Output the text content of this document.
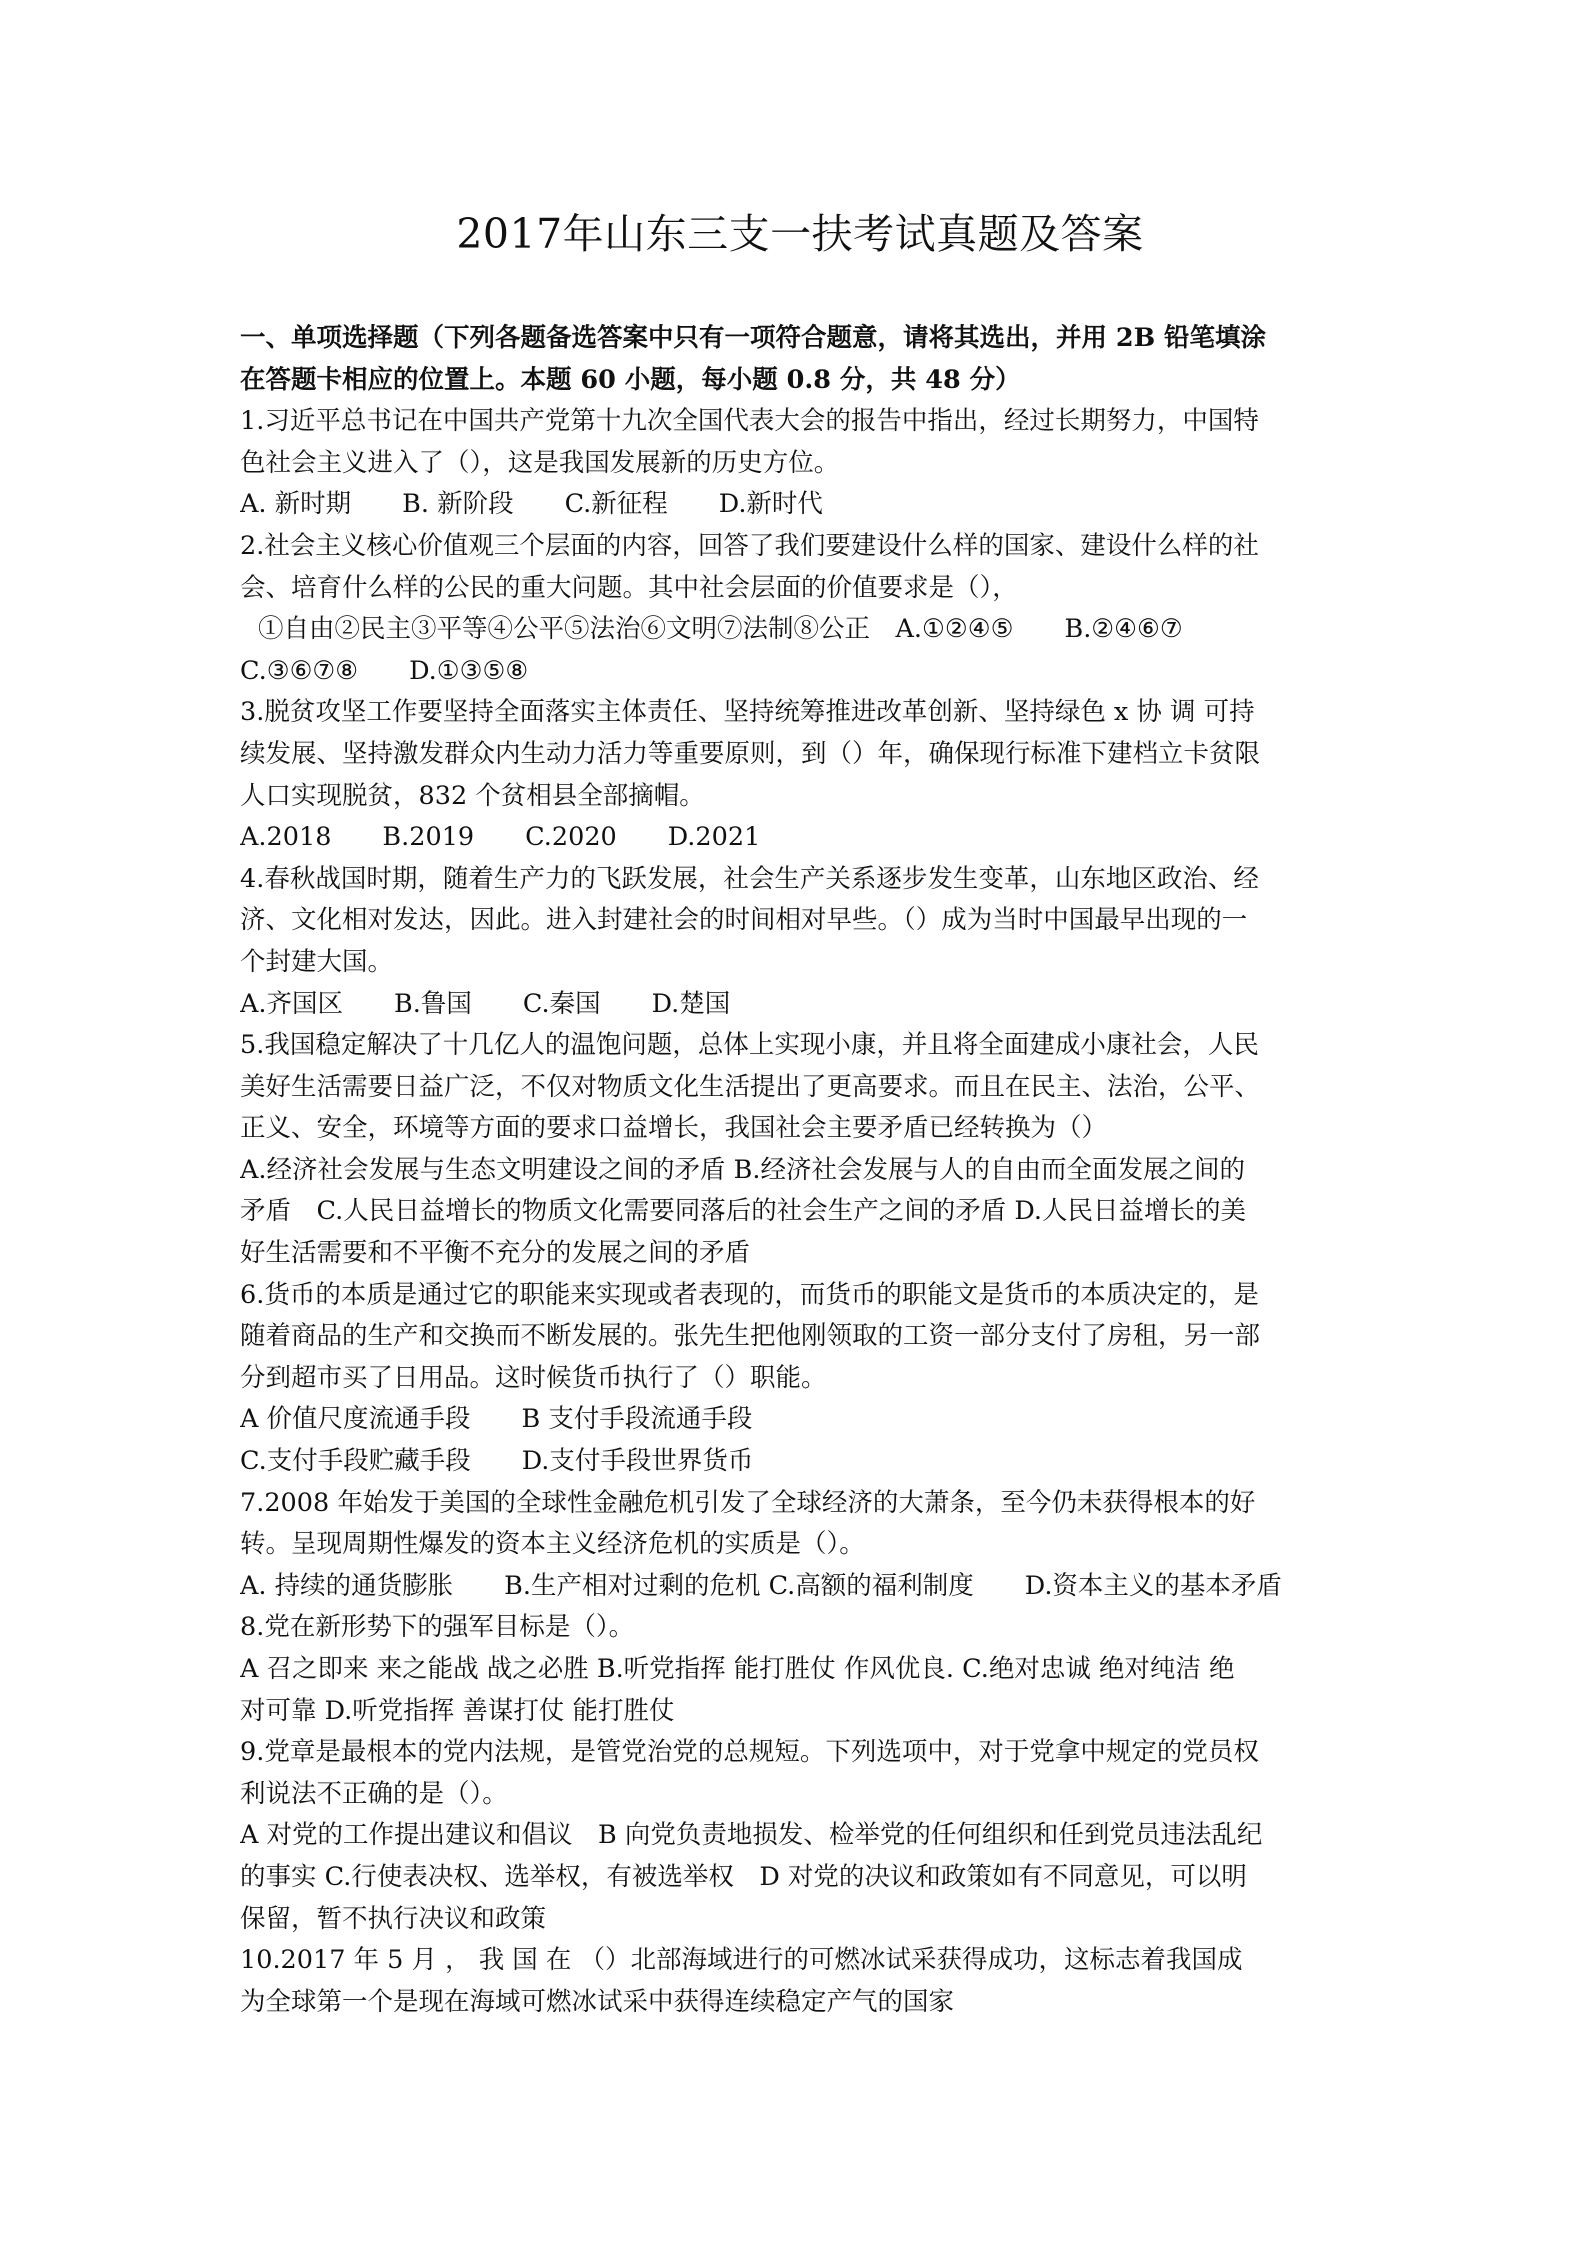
2017年山东三支一扶考试真题及答案
一、单项选择题（下列各题备选答案中只有一项符合题意，请将其选出，并用 2B 铅笔填涂
在答题卡相应的位置上。本题 60 小题，每小题 0.8 分，共 48 分）
1.习近平总书记在中国共产党第十九次全国代表大会的报告中指出，经过长期努力，中国特
色社会主义进入了（），这是我国发展新的历史方位。
A. 新时期　　B. 新阶段　　C.新征程　　D.新时代
2.社会主义核心价值观三个层面的内容，回答了我们要建设什么样的国家、建设什么样的社
会、培育什么样的公民的重大问题。其中社会层面的价值要求是（），
①自由②民主③平等④公平⑤法治⑥文明⑦法制⑧公正　A.①②④⑤　　B.②④⑥⑦
C.③⑥⑦⑧　　D.①③⑤⑧
3.脱贫攻坚工作要坚持全面落实主体责任、坚持统筹推进改革创新、坚持绿色 x 协 调 可持
续发展、坚持激发群众内生动力活力等重要原则，到（）年，确保现行标准下建档立卡贫限
人口实现脱贫，832 个贫相县全部摘帽。
A.2018　　B.2019　　C.2020　　D.2021
4.春秋战国时期，随着生产力的飞跃发展，社会生产关系逐步发生变革，山东地区政治、经
济、文化相对发达，因此。进入封建社会的时间相对早些。（）成为当时中国最早出现的一
个封建大国。
A.齐国区　　B.鲁国　　C.秦国　　D.楚国
5.我国稳定解决了十几亿人的温饱问题，总体上实现小康，并且将全面建成小康社会，人民
美好生活需要日益广泛，不仅对物质文化生活提出了更高要求。而且在民主、法治，公平、
正义、安全，环境等方面的要求口益增长，我国社会主要矛盾已经转换为（）
A.经济社会发展与生态文明建设之间的矛盾 B.经济社会发展与人的自由而全面发展之间的
矛盾　C.人民日益增长的物质文化需要同落后的社会生产之间的矛盾 D.人民日益增长的美
好生活需要和不平衡不充分的发展之间的矛盾
6.货币的本质是通过它的职能来实现或者表现的，而货币的职能文是货币的本质决定的，是
随着商品的生产和交换而不断发展的。张先生把他刚领取的工资一部分支付了房租，另一部
分到超市买了日用品。这时候货币执行了（）职能。
A 价值尺度流通手段　　B 支付手段流通手段
C.支付手段贮藏手段　　D.支付手段世界货币
7.2008 年始发于美国的全球性金融危机引发了全球经济的大萧条，至今仍未获得根本的好
转。呈现周期性爆发的资本主义经济危机的实质是（）。
A. 持续的通货膨胀　　B.生产相对过剩的危机 C.高额的福利制度　　D.资本主义的基本矛盾
8.党在新形势下的强军目标是（）。
A 召之即来 来之能战 战之必胜 B.听党指挥 能打胜仗 作风优良. C.绝对忠诚 绝对纯洁 绝
对可靠 D.听党指挥 善谋打仗 能打胜仗
9.党章是最根本的党内法规，是管党治党的总规短。下列选项中，对于党拿中规定的党员权
利说法不正确的是（）。
A 对党的工作提出建议和倡议　B 向党负责地损发、检举党的任何组织和任到党员违法乱纪
的事实 C.行使表决权、选举权，有被选举权　D 对党的决议和政策如有不同意见，可以明
保留，暂不执行决议和政策
10.2017 年 5 月 ， 我 国 在 （）北部海域进行的可燃冰试采获得成功，这标志着我国成
为全球第一个是现在海域可燃冰试采中获得连续稳定产气的国家
